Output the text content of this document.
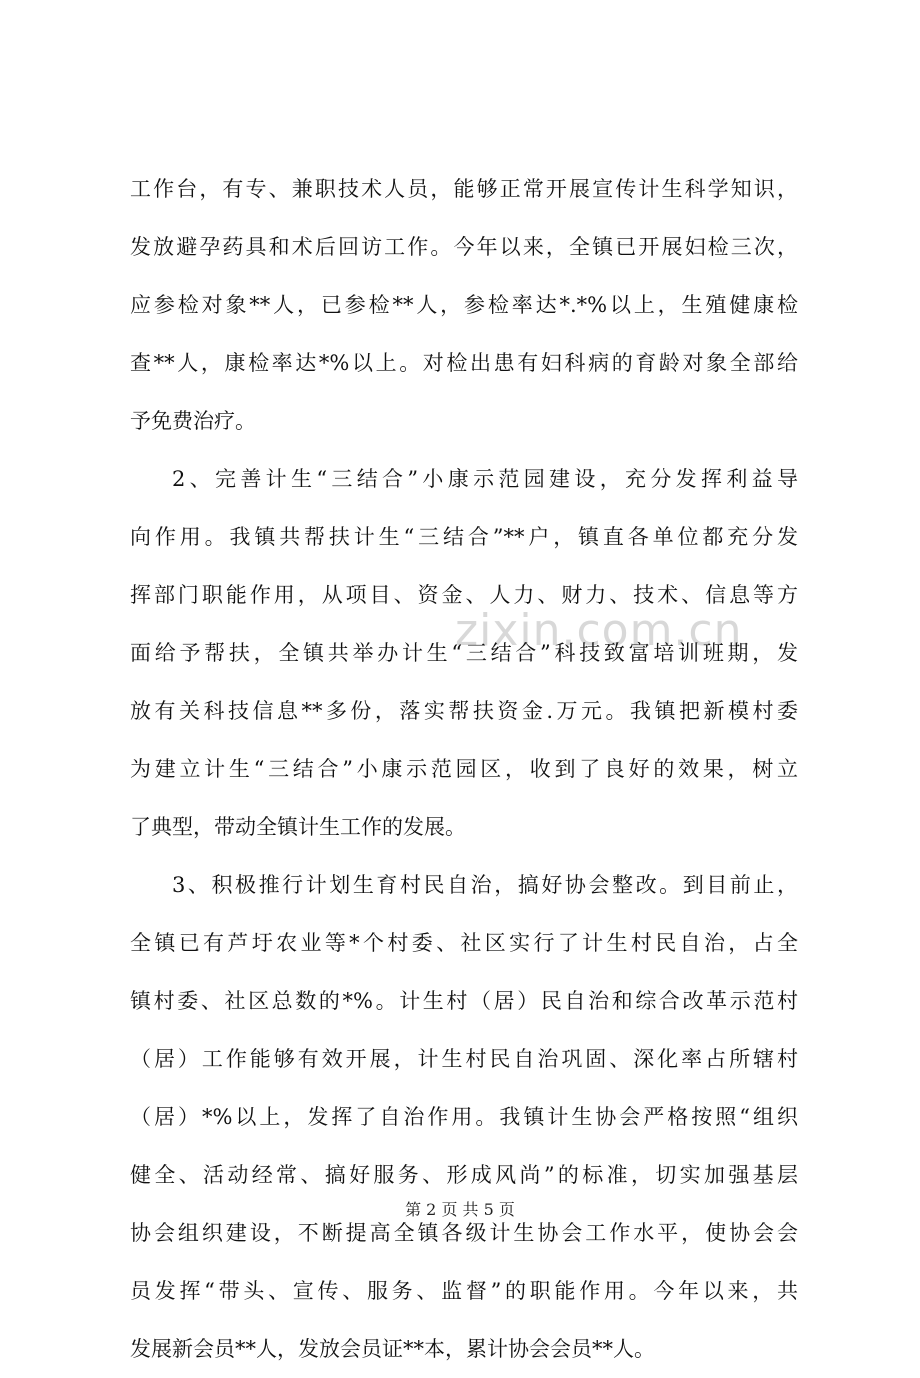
zixin.com.cn
工作台，有专、兼职技术人员，能够正常开展宣传计生科学知识，
发放避孕药具和术后回访工作。今年以来，全镇已开展妇检三次，
应参检对象**人，已参检**人，参检率达*.*%以上，生殖健康检
查**人，康检率达*%以上。对检出患有妇科病的育龄对象全部给
予免费治疗。
2、完善计生“三结合”小康示范园建设，充分发挥利益导
向作用。我镇共帮扶计生“三结合”**户，镇直各单位都充分发
挥部门职能作用，从项目、资金、人力、财力、技术、信息等方
面给予帮扶，全镇共举办计生“三结合”科技致富培训班期，发
放有关科技信息**多份，落实帮扶资金.万元。我镇把新模村委
为建立计生“三结合”小康示范园区，收到了良好的效果，树立
了典型，带动全镇计生工作的发展。
3、积极推行计划生育村民自治，搞好协会整改。到目前止，
全镇已有芦圩农业等*个村委、社区实行了计生村民自治，占全
镇村委、社区总数的*%。计生村（居）民自治和综合改革示范村
（居）工作能够有效开展，计生村民自治巩固、深化率占所辖村
（居）*%以上，发挥了自治作用。我镇计生协会严格按照“组织
健全、活动经常、搞好服务、形成风尚”的标准，切实加强基层
协会组织建设，不断提高全镇各级计生协会工作水平，使协会会
员发挥“带头、宣传、服务、监督”的职能作用。今年以来，共
发展新会员**人，发放会员证**本，累计协会会员**人。
第 2 页 共 5 页
